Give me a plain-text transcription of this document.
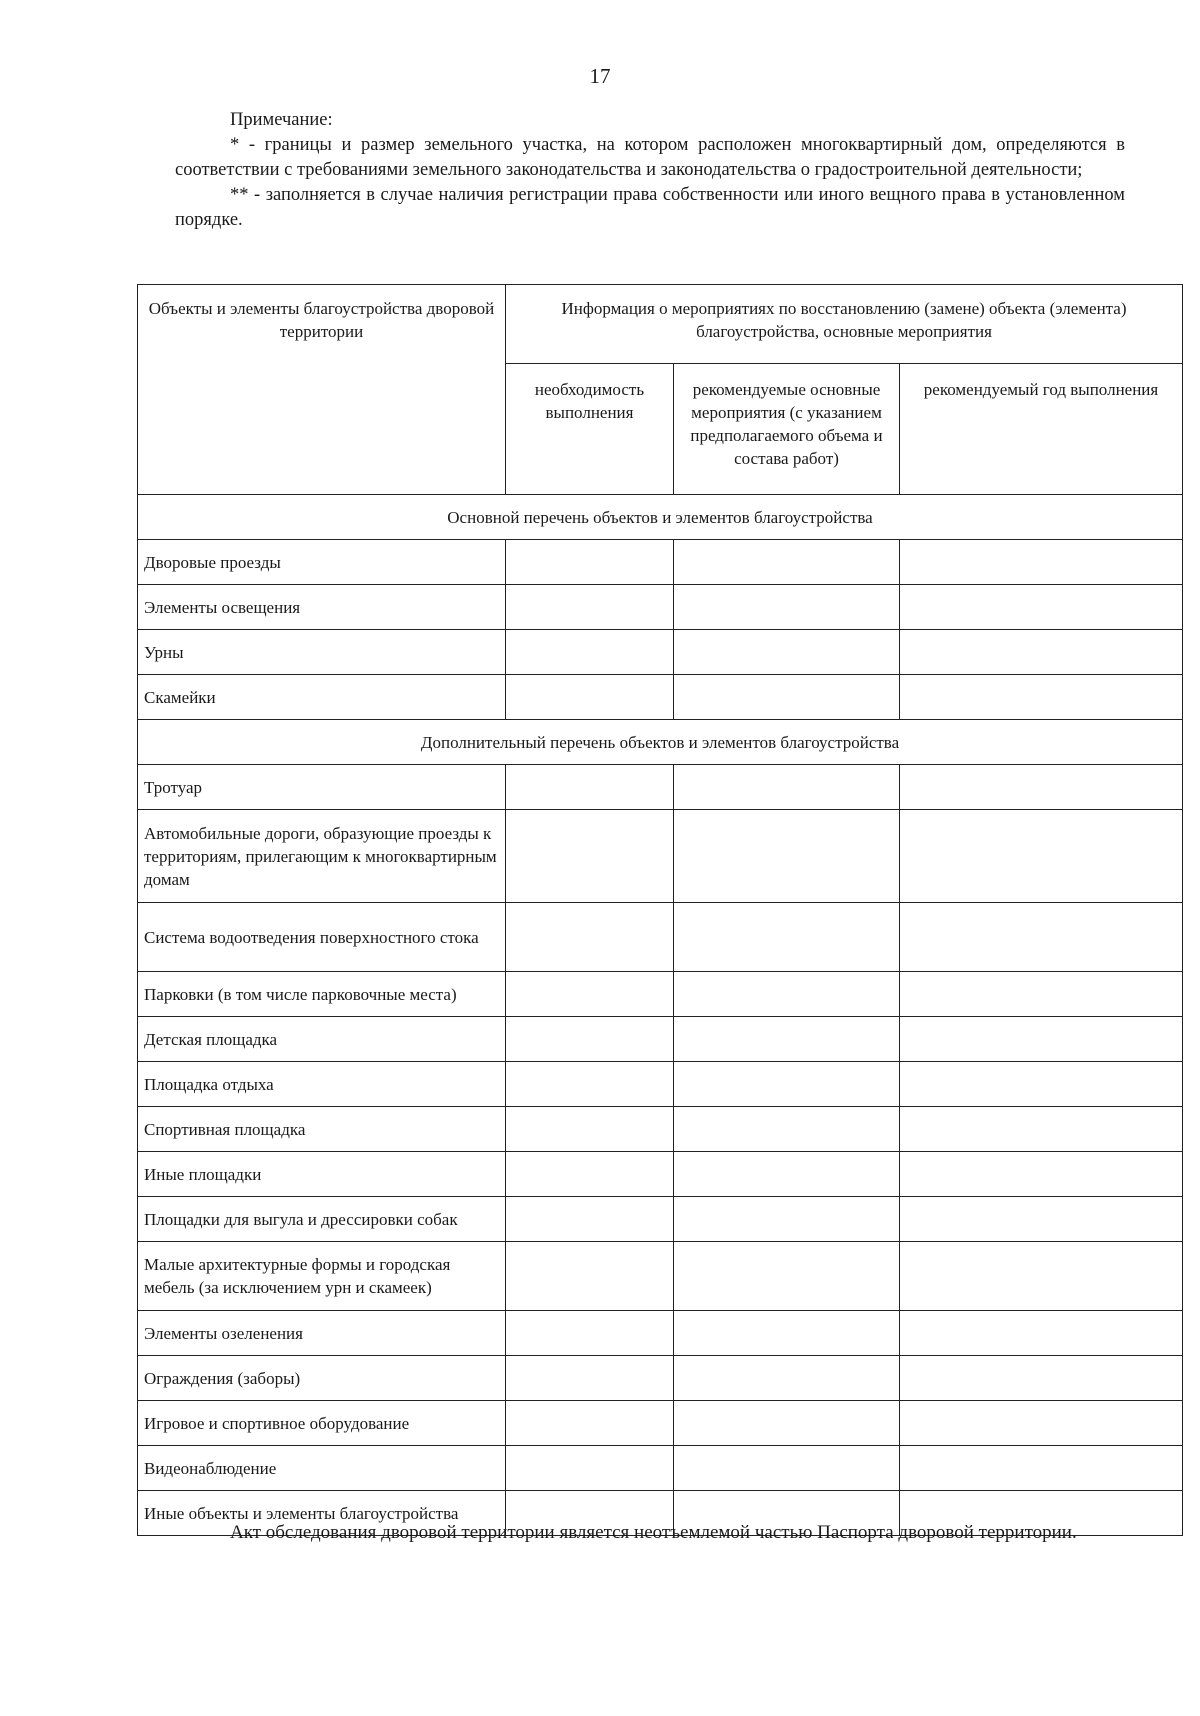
17

Примечание:

* - границы и размер земельного участка, на котором расположен многоквартирный дом, определяются в соответствии с требованиями земельного законодательства и законодательства о градостроительной деятельности;

** - заполняется в случае наличия регистрации права собственности или иного вещного права в установленном порядке.

Объекты и элементы благоустройства дворовой территории	Информация о мероприятиях по восстановлению (замене) объекта (элемента) благоустройства, основные мероприятия		
	необходимость выполнения	рекомендуемые основные мероприятия (с указанием предполагаемого объема и состава работ)	рекомендуемый год выполнения
Основной перечень объектов и элементов благоустройства			
Дворовые проезды			
Элементы освещения			
Урны			
Скамейки			
Дополнительный перечень объектов и элементов благоустройства			
Тротуар			
Автомобильные дороги, образующие проезды к территориям, прилегающим к многоквартирным домам			
Система водоотведения поверхностного стока			
Парковки (в том числе парковочные места)			
Детская площадка			
Площадка отдыха			
Спортивная площадка			
Иные площадки			
Площадки для выгула и дрессировки собак			
Малые архитектурные формы и городская мебель (за исключением урн и скамеек)			
Элементы озеленения			
Ограждения (заборы)			
Игровое и спортивное оборудование			
Видеонаблюдение			
Иные объекты и элементы благоустройства			

Акт обследования дворовой территории является неотъемлемой частью Паспорта дворовой территории.
